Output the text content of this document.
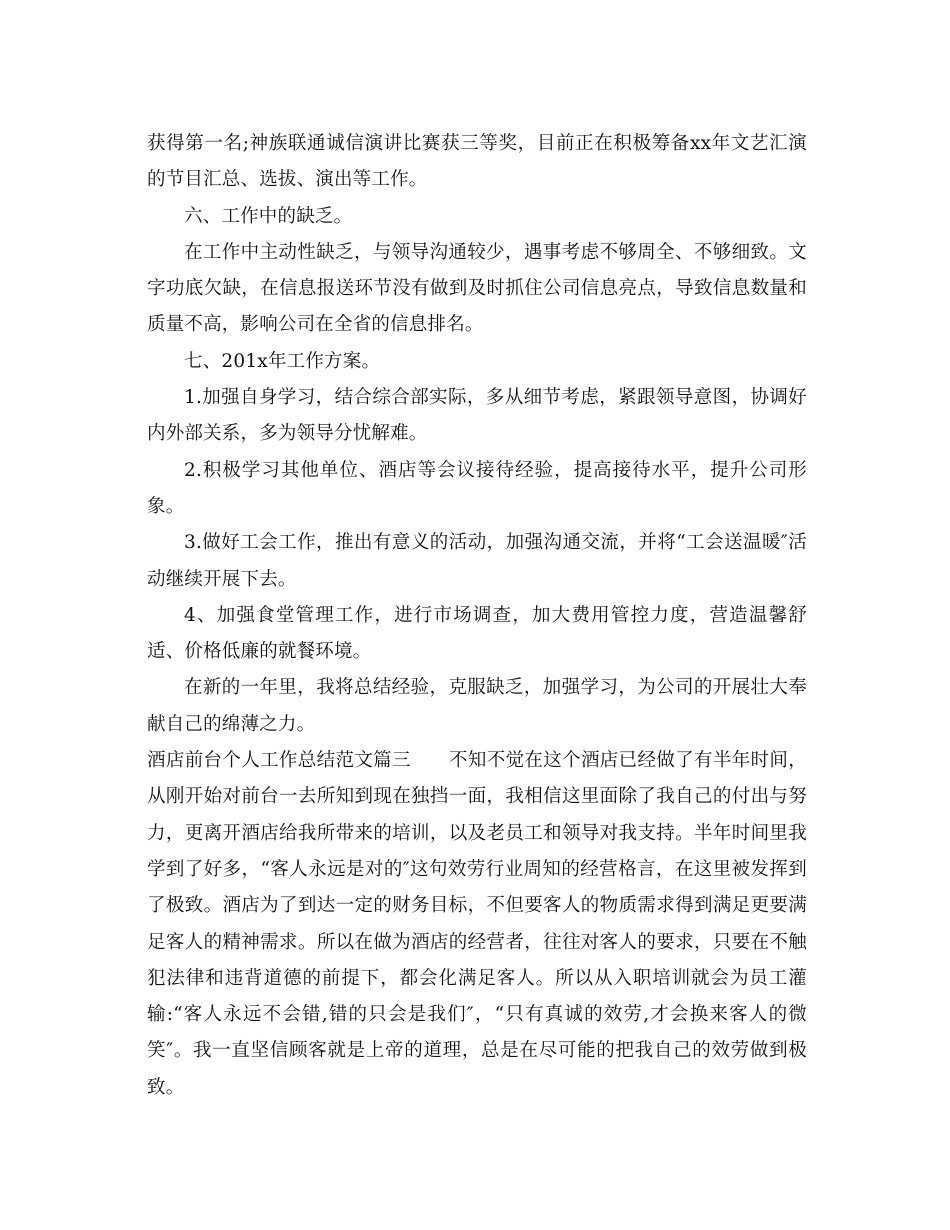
获得第一名;神族联通诚信演讲比赛获三等奖，目前正在积极筹备xx年文艺汇演的节目汇总、选拔、演出等工作。

六、工作中的缺乏。

在工作中主动性缺乏，与领导沟通较少，遇事考虑不够周全、不够细致。文字功底欠缺，在信息报送环节没有做到及时抓住公司信息亮点，导致信息数量和质量不高，影响公司在全省的信息排名。

七、201x年工作方案。

1.加强自身学习，结合综合部实际，多从细节考虑，紧跟领导意图，协调好内外部关系，多为领导分忧解难。

2.积极学习其他单位、酒店等会议接待经验，提高接待水平，提升公司形象。

3.做好工会工作，推出有意义的活动，加强沟通交流，并将“工会送温暖″活动继续开展下去。

4、加强食堂管理工作，进行市场调查，加大费用管控力度，营造温馨舒适、价格低廉的就餐环境。

在新的一年里，我将总结经验，克服缺乏，加强学习，为公司的开展壮大奉献自己的绵薄之力。

酒店前台个人工作总结范文篇三 不知不觉在这个酒店已经做了有半年时间，从刚开始对前台一去所知到现在独挡一面，我相信这里面除了我自己的付出与努力，更离开酒店给我所带来的培训，以及老员工和领导对我支持。半年时间里我学到了好多，“客人永远是对的″这句效劳行业周知的经营格言，在这里被发挥到了极致。酒店为了到达一定的财务目标，不但要客人的物质需求得到满足更要满足客人的精神需求。所以在做为酒店的经营者，往往对客人的要求，只要在不触犯法律和违背道德的前提下，都会化满足客人。所以从入职培训就会为员工灌输:“客人永远不会错,错的只会是我们″，“只有真诚的效劳,才会换来客人的微笑″。我一直坚信顾客就是上帝的道理，总是在尽可能的把我自己的效劳做到极致。
